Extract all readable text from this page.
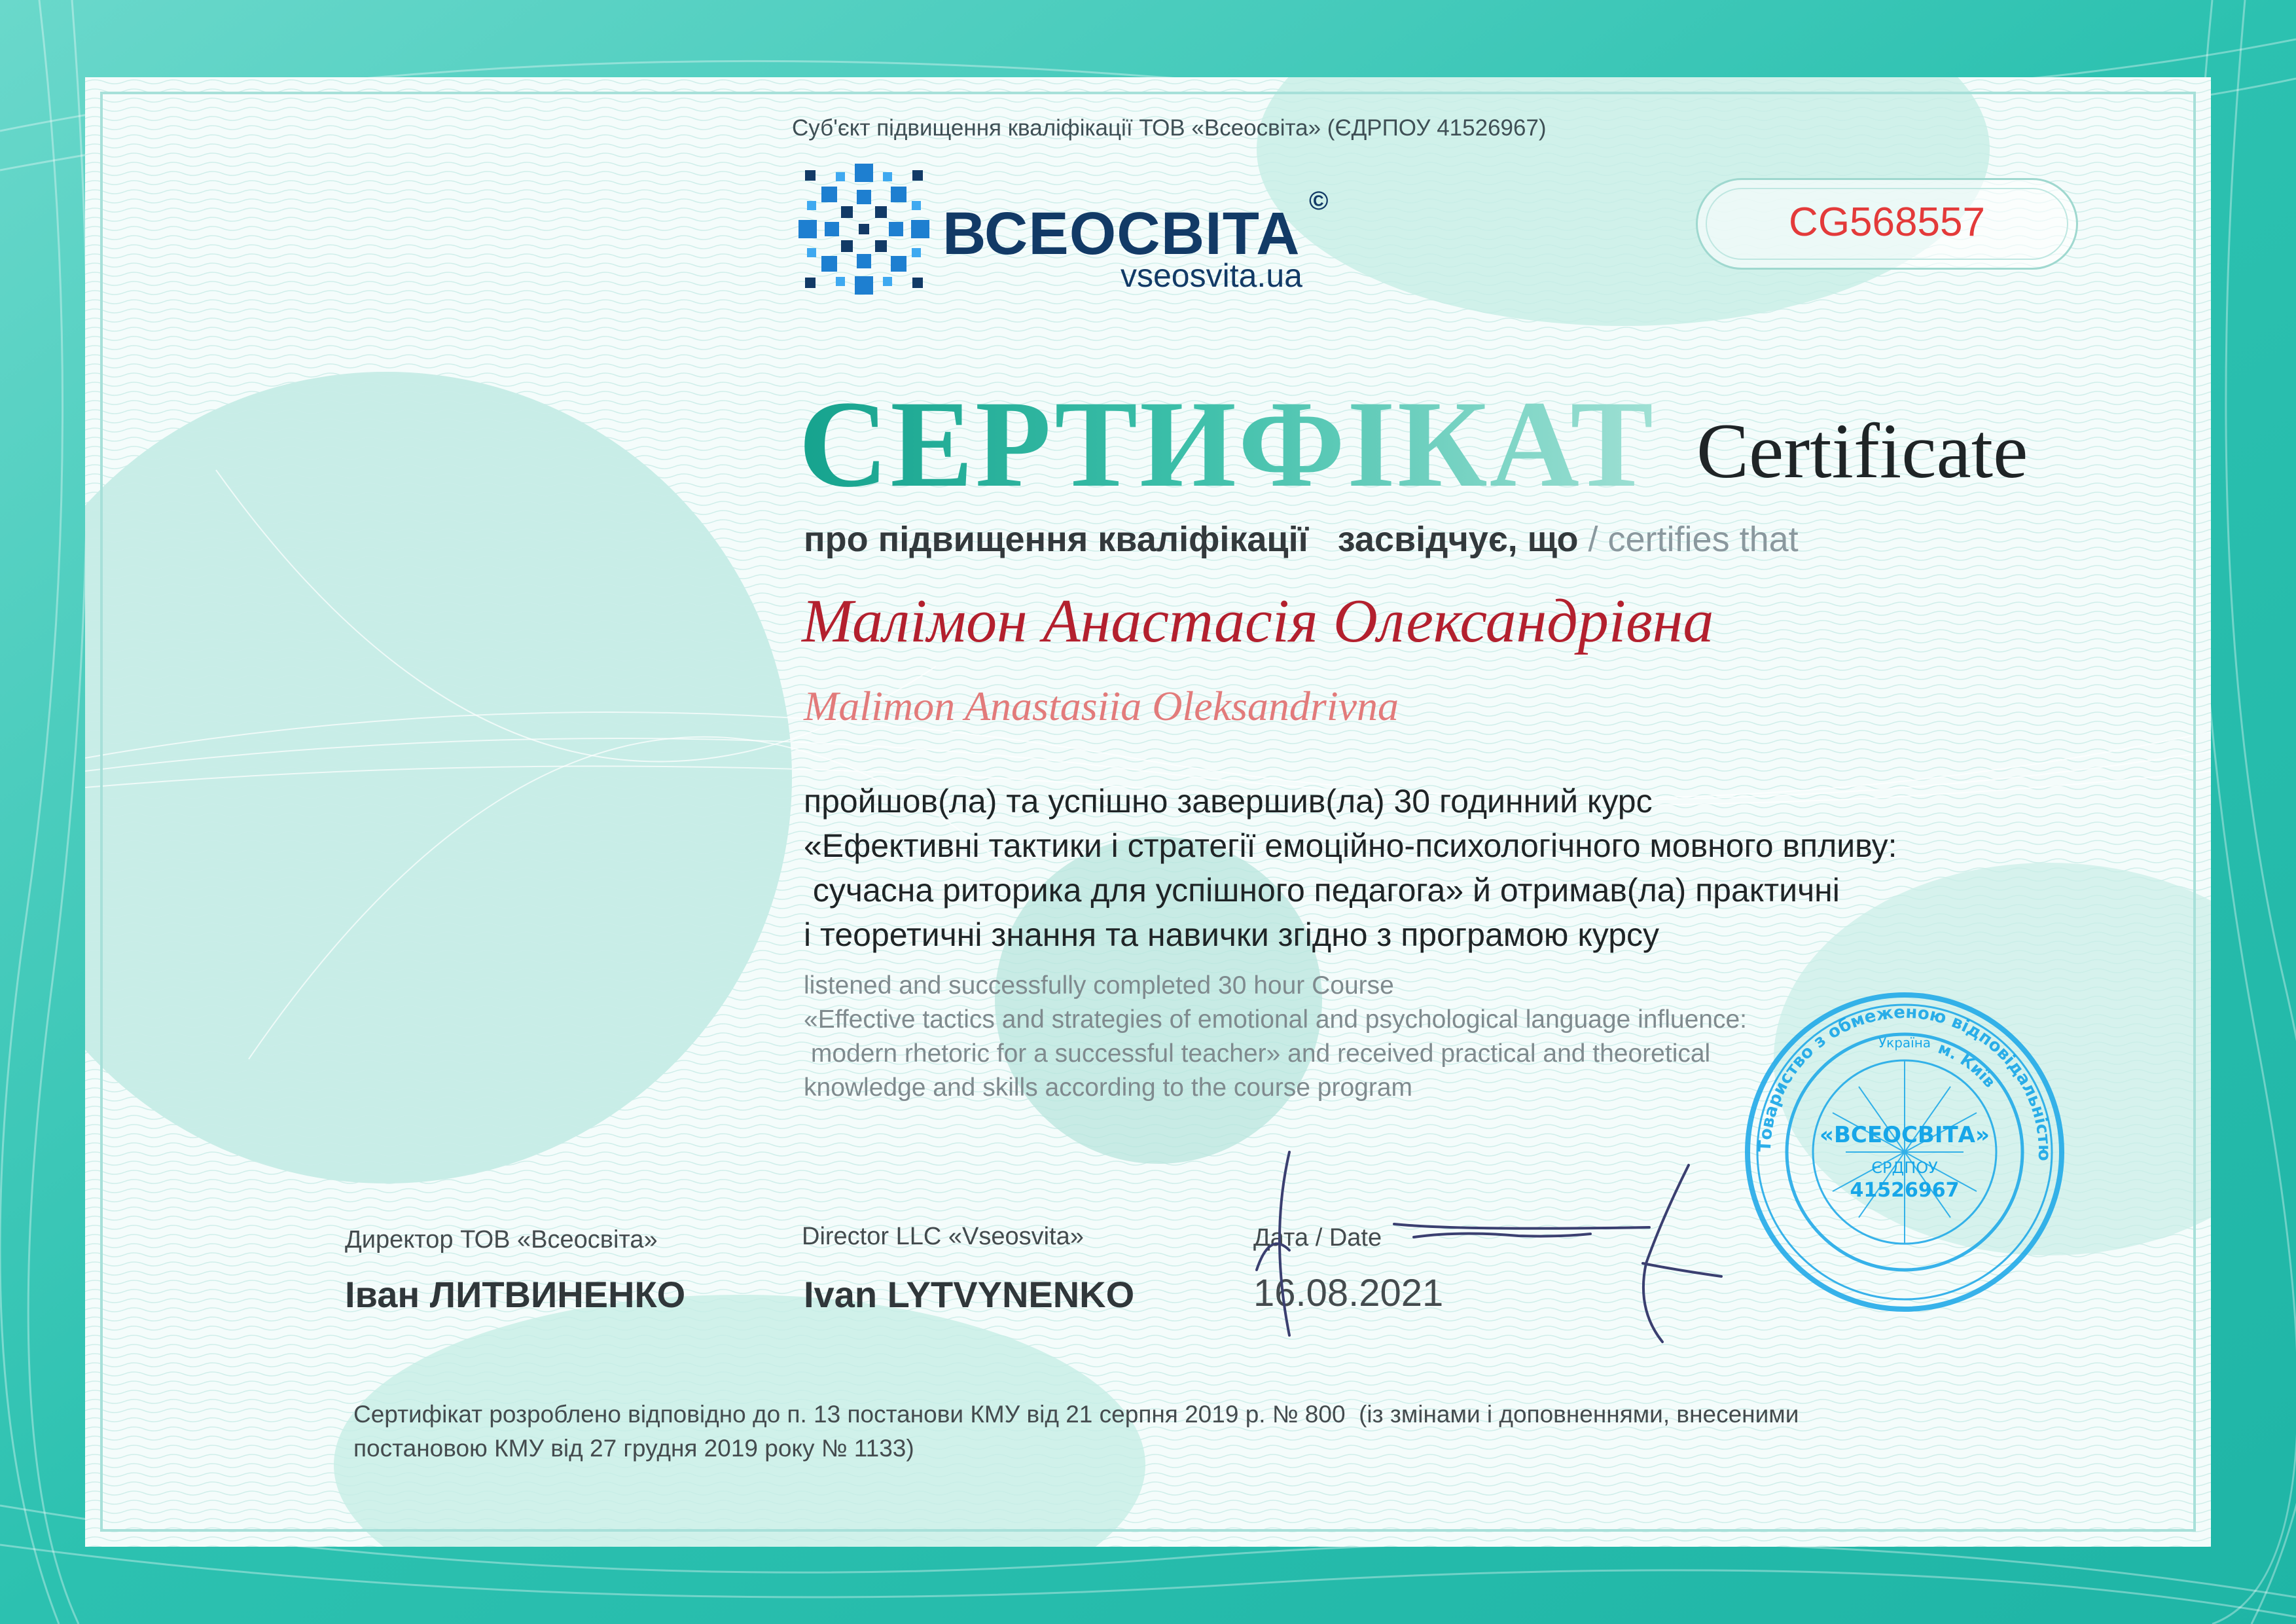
Суб'єкт підвищення кваліфікації ТОВ «Всеосвіта» (ЄДРПОУ 41526967)
ВСЕОСВІТА ©
vseosvita.ua
CG568557
СЕРТИФІКАТ Certificate
про підвищення кваліфікації засвідчує, що / certifies that
Малімон Анастасія Олександрівна
Malimon Anastasiia Oleksandrivna
пройшов(ла) та успішно завершив(ла) 30 годинний курс
«Ефективні тактики і стратегії емоційно-психологічного мовного впливу:
сучасна риторика для успішного педагога» й отримав(ла) практичні
і теоретичні знання та навички згідно з програмою курсу
listened and successfully completed 30 hour Course
«Effective tactics and strategies of emotional and psychological language influence:
modern rhetoric for a successful teacher» and received practical and theoretical
knowledge and skills according to the course program
Директор ТОВ «Всеосвіта»
Іван ЛИТВИНЕНКО
Director LLC «Vseosvita»
Ivan LYTVYNENKO
Дата / Date
16.08.2021
Товариство з обмеженою відповідальністю
м. Київ
Україна
«ВСЕОСВІТА»
ЄРДПОУ
41526967
Сертифікат розроблено відповідно до п. 13 постанови КМУ від 21 серпня 2019 р. № 800  (із змінами і доповненнями, внесеними
постановою КМУ від 27 грудня 2019 року № 1133)
